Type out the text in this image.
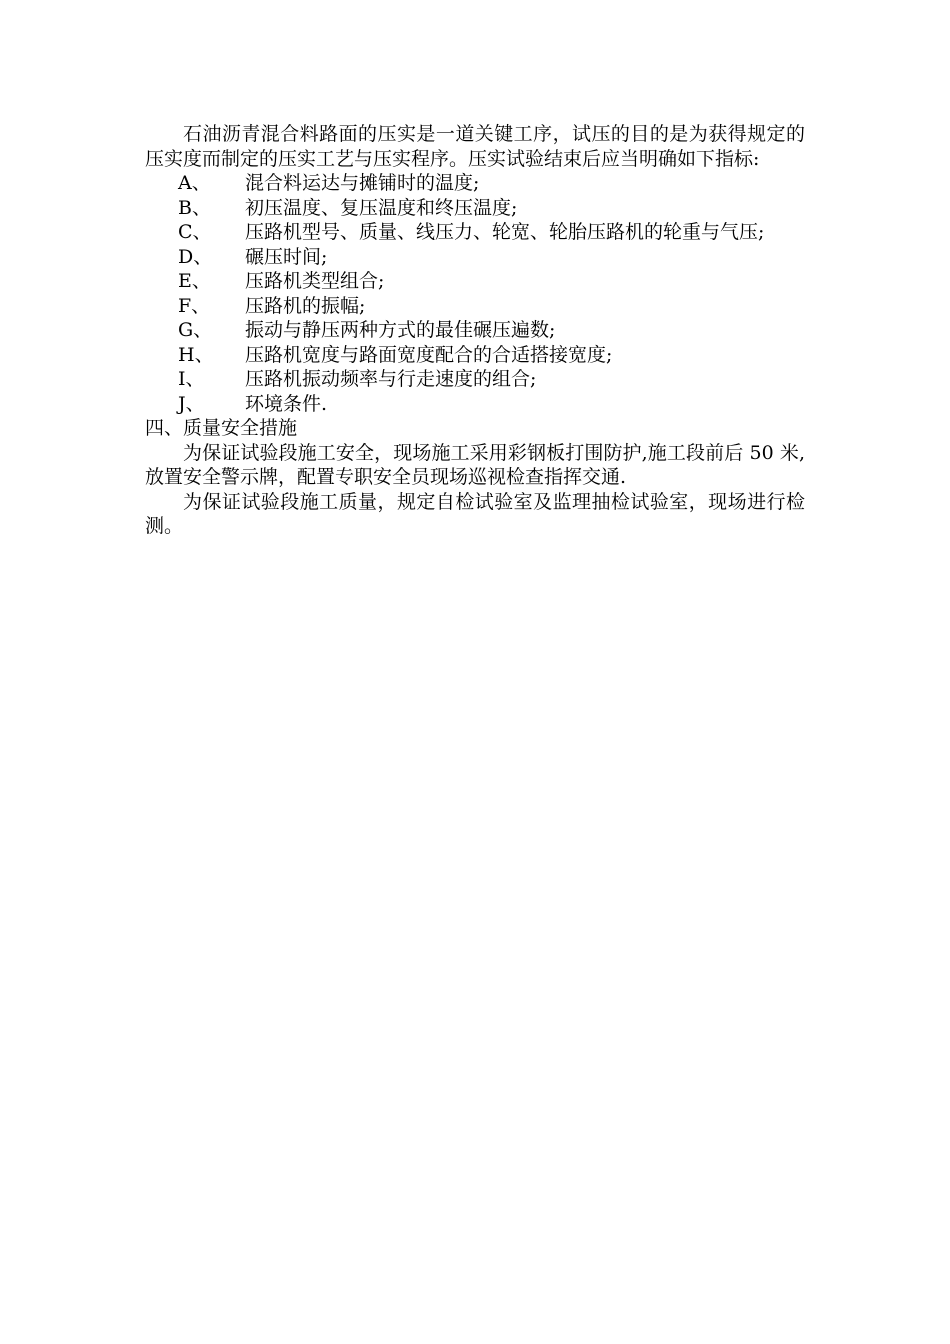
石油沥青混合料路面的压实是一道关键工序，试压的目的是为获得规定的压实度而制定的压实工艺与压实程序。压实试验结束后应当明确如下指标:

A、	混合料运达与摊铺时的温度;
B、	初压温度、复压温度和终压温度;
C、	压路机型号、质量、线压力、轮宽、轮胎压路机的轮重与气压;
D、	碾压时间;
E、	压路机类型组合;
F、	压路机的振幅;
G、	振动与静压两种方式的最佳碾压遍数;
H、	压路机宽度与路面宽度配合的合适搭接宽度;
I、	压路机振动频率与行走速度的组合;
J、	环境条件.

四、质量安全措施

为保证试验段施工安全，现场施工采用彩钢板打围防护,施工段前后 50 米,放置安全警示牌，配置专职安全员现场巡视检查指挥交通.

为保证试验段施工质量，规定自检试验室及监理抽检试验室，现场进行检测。
